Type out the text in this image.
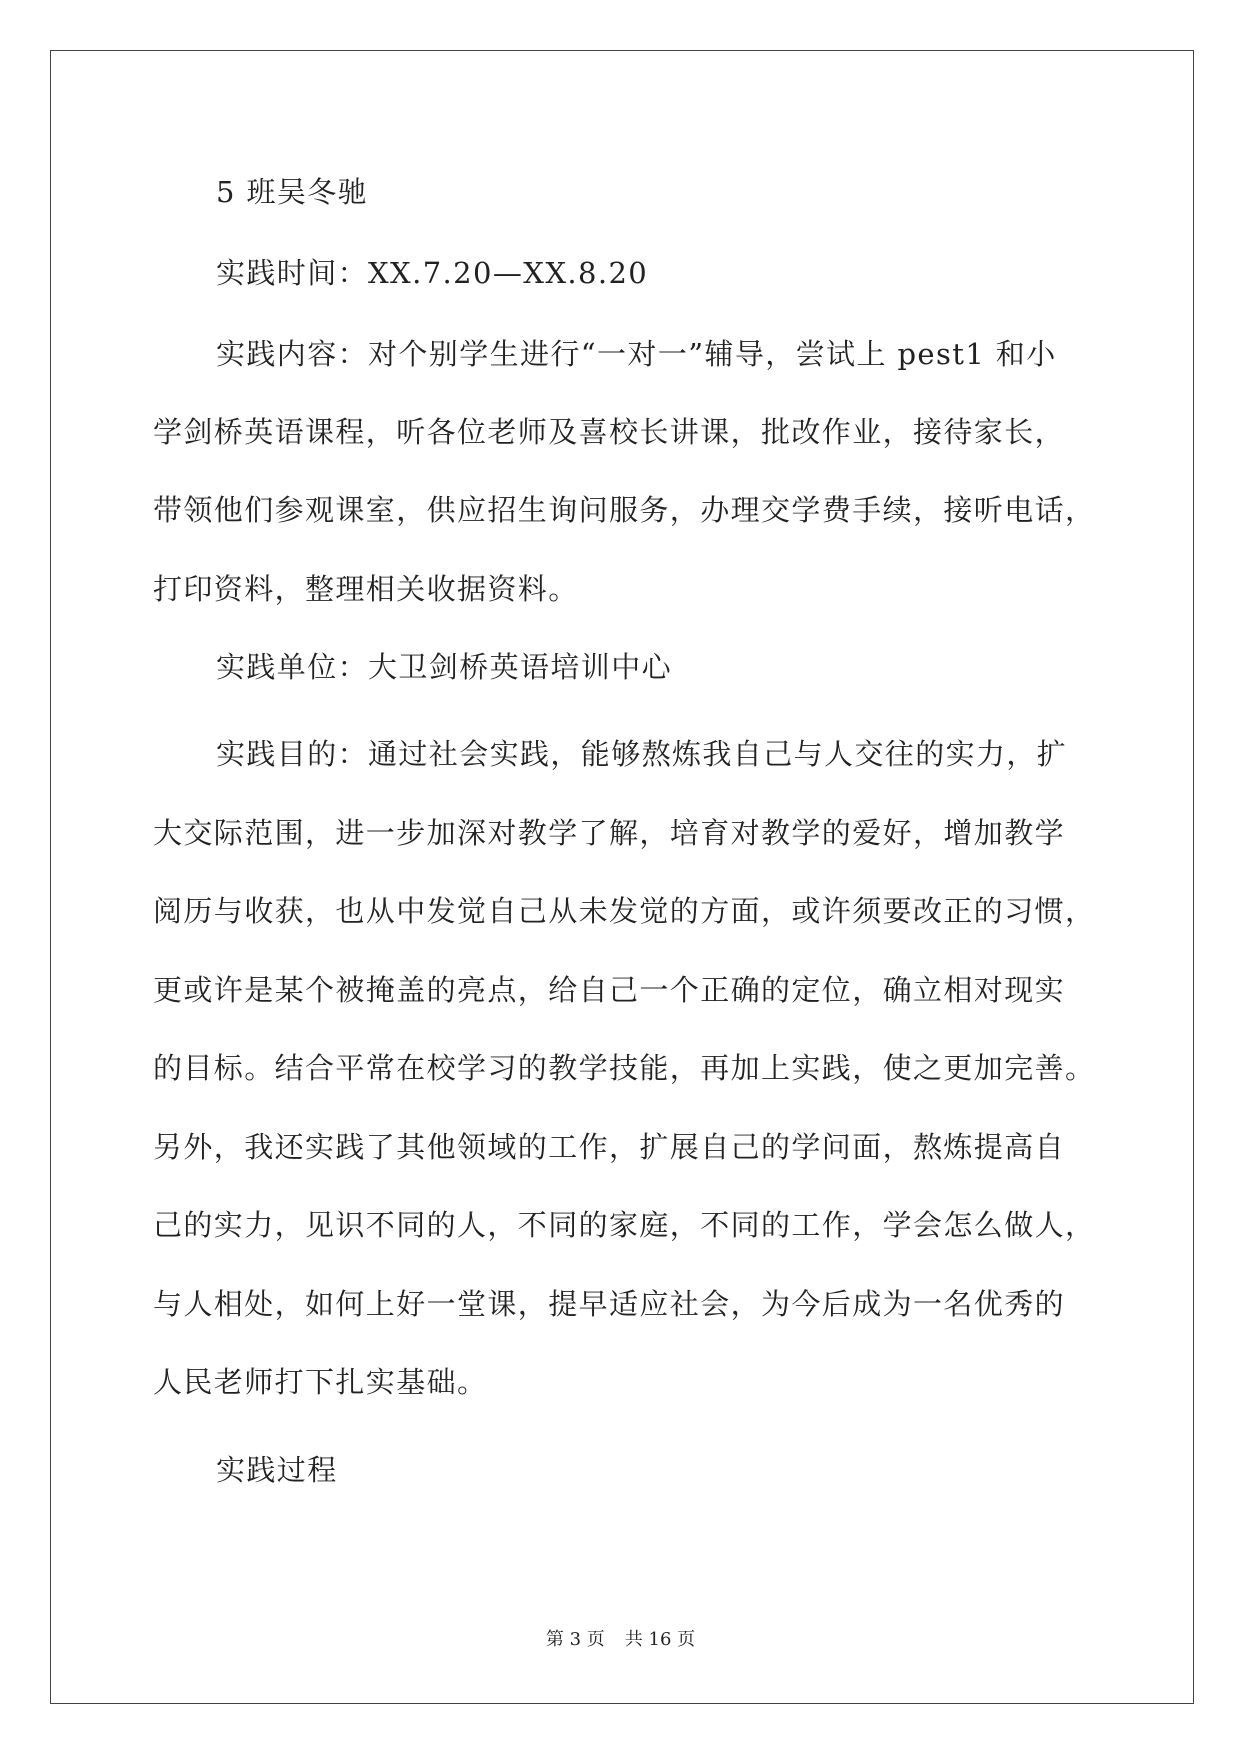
5 班吴冬驰
实践时间：XX.7.20—XX.8.20
实践内容：对个别学生进行“一对一”辅导，尝试上 pest1 和小
学剑桥英语课程，听各位老师及喜校长讲课，批改作业，接待家长，
带领他们参观课室，供应招生询问服务，办理交学费手续，接听电话，
打印资料，整理相关收据资料。
实践单位：大卫剑桥英语培训中心
实践目的：通过社会实践，能够熬炼我自己与人交往的实力，扩
大交际范围，进一步加深对教学了解，培育对教学的爱好，增加教学
阅历与收获，也从中发觉自己从未发觉的方面，或许须要改正的习惯，
更或许是某个被掩盖的亮点，给自己一个正确的定位，确立相对现实
的目标。结合平常在校学习的教学技能，再加上实践，使之更加完善。
另外，我还实践了其他领域的工作，扩展自己的学问面，熬炼提高自
己的实力，见识不同的人，不同的家庭，不同的工作，学会怎么做人，
与人相处，如何上好一堂课，提早适应社会，为今后成为一名优秀的
人民老师打下扎实基础。
实践过程
第 3 页 共 16 页
